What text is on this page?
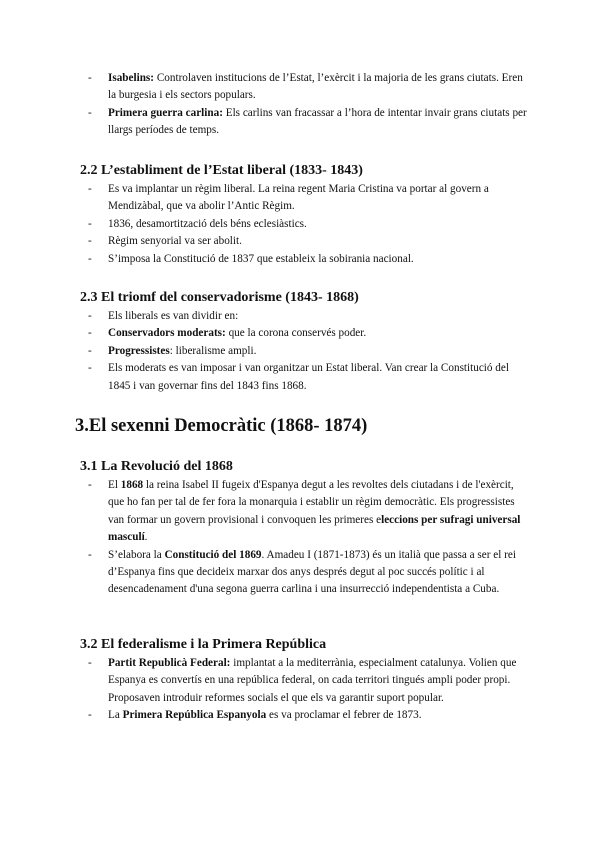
-	Isabelins: Controlaven institucions de l’Estat, l’exèrcit i la majoria de les grans ciutats. Eren la burgesia i els sectors populars.
-	Primera guerra carlina: Els carlins van fracassar a l’hora de intentar invair grans ciutats per llargs períodes de temps.
2.2 L’establiment de l’Estat liberal (1833- 1843)
-	Es va implantar un règim liberal. La reina regent Maria Cristina va portar al govern a Mendizàbal, que va abolir l’Antic Règim.
-	1836, desamortització dels béns eclesiàstics.
-	Règim senyorial va ser abolit.
-	S’imposa la Constitució de 1837 que estableix la sobirania nacional.
2.3 El triomf del conservadorisme (1843- 1868)
-	Els liberals es van dividir en:
-	Conservadors moderats: que la corona conservés poder.
-	Progressistes: liberalisme ampli.
-	Els moderats es van imposar i van organitzar un Estat liberal. Van crear la Constitució del 1845 i van governar fins del 1843 fins 1868.
3.El sexenni Democràtic (1868- 1874)
3.1 La Revolució del 1868
-	El 1868 la reina Isabel II fugeix d'Espanya degut a les revoltes dels ciutadans i de l'exèrcit, que ho fan per tal de fer fora la monarquia i establir un règim democràtic. Els progressistes van formar un govern provisional i convoquen les primeres eleccions per sufragi universal masculí.
-	S’elabora la Constitució del 1869. Amadeu I (1871-1873) és un italià que passa a ser el rei d’Espanya fins que decideix marxar dos anys després degut al poc succés polític i al desencadenament d'una segona guerra carlina i una insurrecció independentista a Cuba.
3.2 El federalisme i la Primera República
-	Partit Republicà Federal: implantat a la mediterrània, especialment catalunya. Volien que Espanya es convertís en una república federal, on cada territori tingués ampli poder propi. Proposaven introduir reformes socials el que els va garantir suport popular.
-	La Primera República Espanyola es va proclamar el febrer de 1873.
